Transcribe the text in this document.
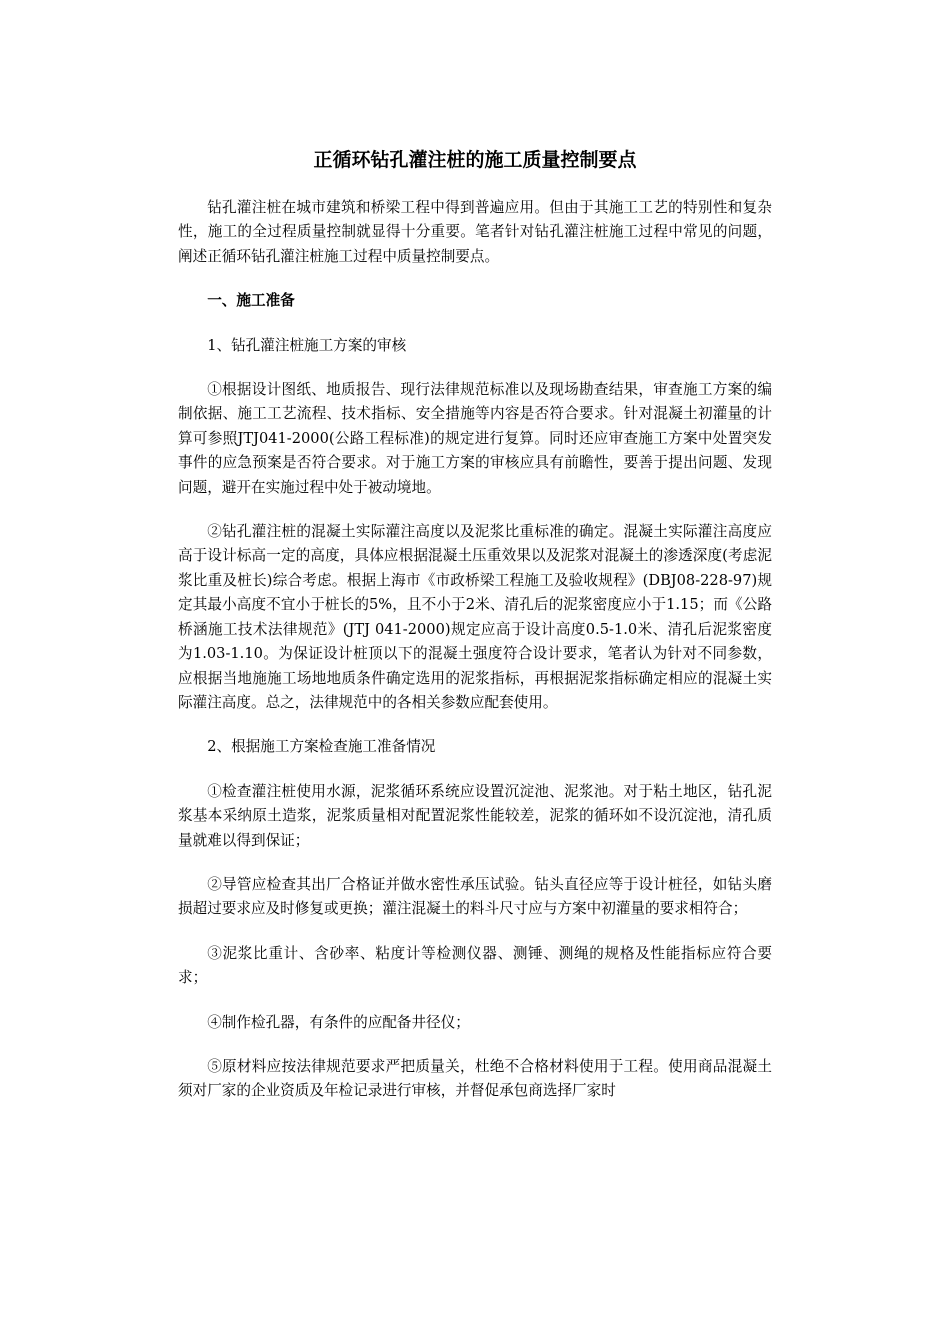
正循环钻孔灌注桩的施工质量控制要点

钻孔灌注桩在城市建筑和桥梁工程中得到普遍应用。但由于其施工工艺的特别性和复杂性，施工的全过程质量控制就显得十分重要。笔者针对钻孔灌注桩施工过程中常见的问题，阐述正循环钻孔灌注桩施工过程中质量控制要点。

一、施工准备

1、钻孔灌注桩施工方案的审核

①根据设计图纸、地质报告、现行法律规范标准以及现场勘查结果，审查施工方案的编制依据、施工工艺流程、技术指标、安全措施等内容是否符合要求。针对混凝土初灌量的计算可参照JTJ041-2000(公路工程标准)的规定进行复算。同时还应审查施工方案中处置突发事件的应急预案是否符合要求。对于施工方案的审核应具有前瞻性，要善于提出问题、发现问题，避开在实施过程中处于被动境地。

②钻孔灌注桩的混凝土实际灌注高度以及泥浆比重标准的确定。混凝土实际灌注高度应高于设计标高一定的高度，具体应根据混凝土压重效果以及泥浆对混凝土的渗透深度(考虑泥浆比重及桩长)综合考虑。根据上海市《市政桥梁工程施工及验收规程》(DBJ08-228-97)规定其最小高度不宜小于桩长的5%，且不小于2米、清孔后的泥浆密度应小于1.15；而《公路桥涵施工技术法律规范》(JTJ 041-2000)规定应高于设计高度0.5-1.0米、清孔后泥浆密度为1.03-1.10。为保证设计桩顶以下的混凝土强度符合设计要求，笔者认为针对不同参数，应根据当地施施工场地地质条件确定选用的泥浆指标，再根据泥浆指标确定相应的混凝土实际灌注高度。总之，法律规范中的各相关参数应配套使用。

2、根据施工方案检查施工准备情况

①检查灌注桩使用水源，泥浆循环系统应设置沉淀池、泥浆池。对于粘土地区，钻孔泥浆基本采纳原土造浆，泥浆质量相对配置泥浆性能较差，泥浆的循环如不设沉淀池，清孔质量就难以得到保证；

②导管应检查其出厂合格证并做水密性承压试验。钻头直径应等于设计桩径，如钻头磨损超过要求应及时修复或更换；灌注混凝土的料斗尺寸应与方案中初灌量的要求相符合；

③泥浆比重计、含砂率、粘度计等检测仪器、测锤、测绳的规格及性能指标应符合要求；

④制作检孔器，有条件的应配备井径仪；

⑤原材料应按法律规范要求严把质量关，杜绝不合格材料使用于工程。使用商品混凝土须对厂家的企业资质及年检记录进行审核，并督促承包商选择厂家时
